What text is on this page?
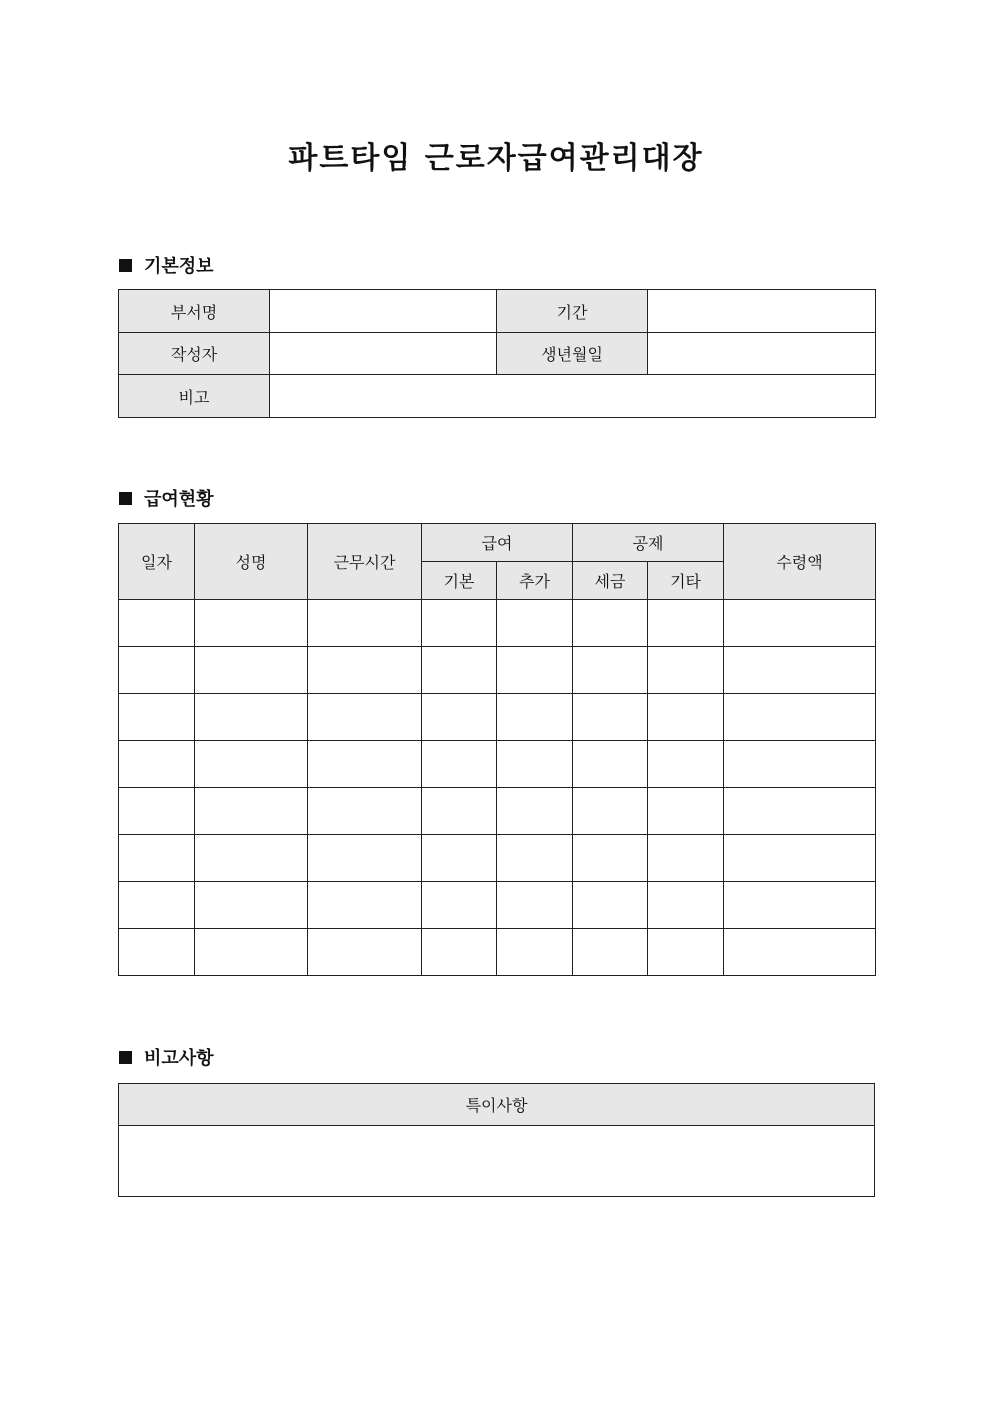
파트타임 근로자급여관리대장
기본정보
부서명		기간	
작성자		생년월일	
비고			
급여현황
일자	성명	근무시간	급여		공제		수령액
			기본	추가	세금	기타	

비고사항
특이사항
